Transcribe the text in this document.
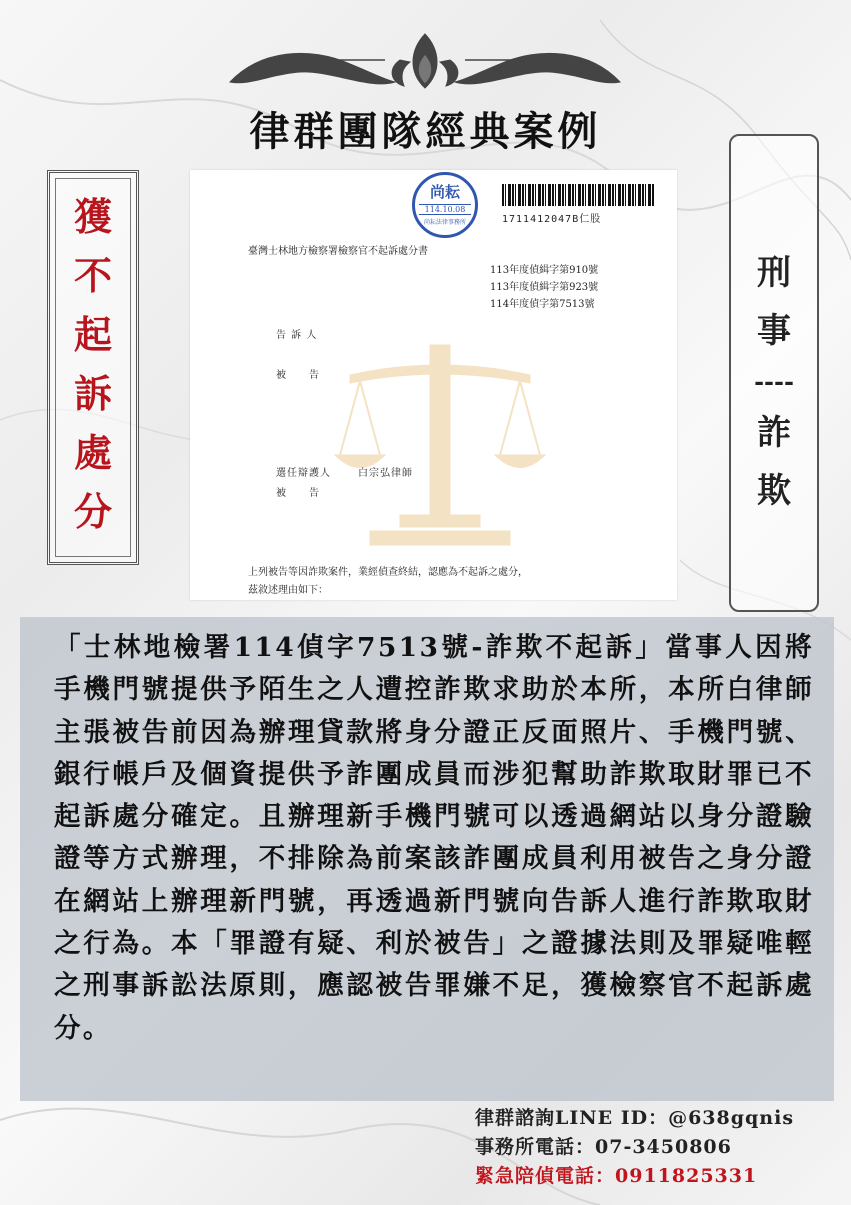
律群團隊經典案例
獲不起訴處分
刑事
----
詐欺
尚耘
114.10.08
尚耘法律事務所	1711412047B仁股
臺灣士林地方檢察署檢察官不起訴處分書
113年度偵緝字第910號
113年度偵緝字第923號
114年度偵字第7513號
告 訴 人
被　　告
選任辯護人	白宗弘律師
被　　告
上列被告等因詐欺案件，業經偵查終結，認應為不起訴之處分，
茲敘述理由如下：
「士林地檢署114偵字7513號-詐欺不起訴」當事人因將手機門號提供予陌生之人遭控詐欺求助於本所，本所白律師主張被告前因為辦理貸款將身分證正反面照片、手機門號、銀行帳戶及個資提供予詐團成員而涉犯幫助詐欺取財罪已不起訴處分確定。且辦理新手機門號可以透過網站以身分證驗證等方式辦理，不排除為前案該詐團成員利用被告之身分證在網站上辦理新門號，再透過新門號向告訴人進行詐欺取財之行為。本「罪證有疑、利於被告」之證據法則及罪疑唯輕之刑事訴訟法原則，應認被告罪嫌不足，獲檢察官不起訴處分。
律群諮詢LINE ID：@638gqnis
事務所電話：07-3450806
緊急陪偵電話：0911825331
